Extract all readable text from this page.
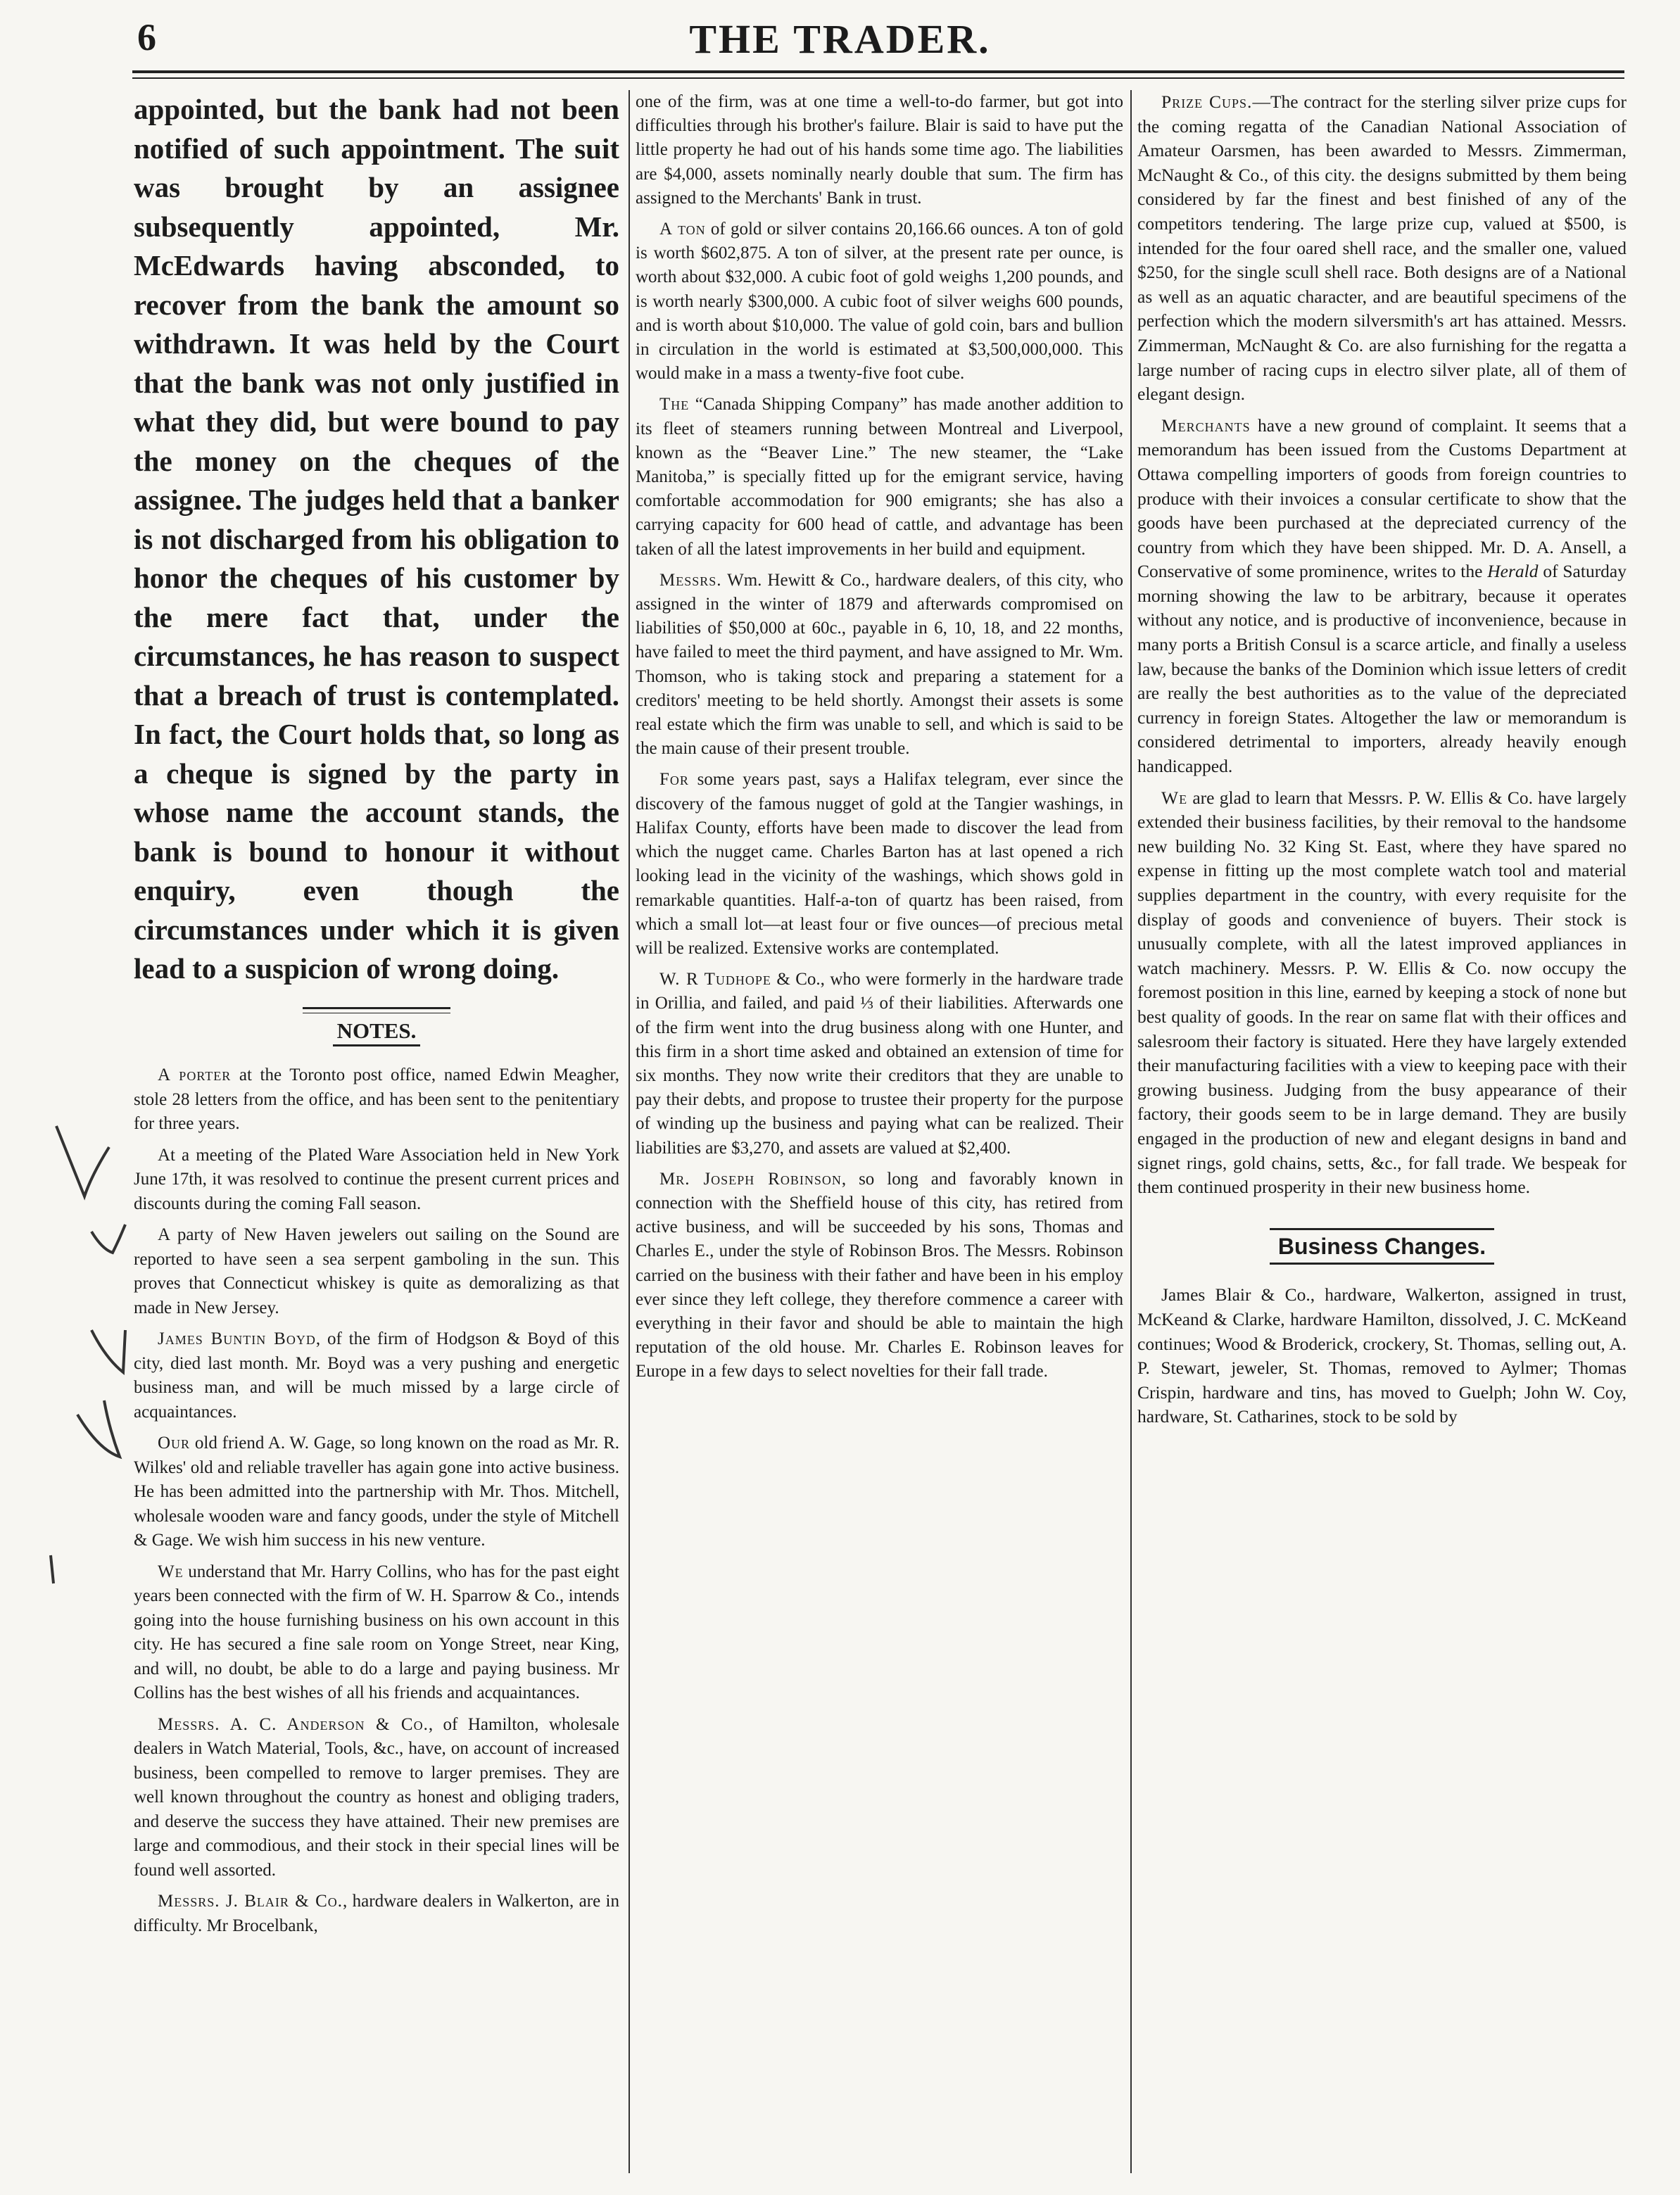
6	THE TRADER.

appointed, but the bank had not been notified of such appointment. The suit was brought by an assignee subsequently appointed, Mr. McEdwards having absconded, to recover from the bank the amount so withdrawn. It was held by the Court that the bank was not only justified in what they did, but were bound to pay the money on the cheques of the assignee. The judges held that a banker is not discharged from his obligation to honor the cheques of his customer by the mere fact that, under the circumstances, he has reason to suspect that a breach of trust is contemplated. In fact, the Court holds that, so long as a cheque is signed by the party in whose name the account stands, the bank is bound to honour it without enquiry, even though the circumstances under which it is given lead to a suspicion of wrong doing.

NOTES.

A porter at the Toronto post office, named Edwin Meagher, stole 28 letters from the office, and has been sent to the penitentiary for three years.

At a meeting of the Plated Ware Association held in New York June 17th, it was resolved to continue the present current prices and discounts during the coming Fall season.

A party of New Haven jewelers out sailing on the Sound are reported to have seen a sea serpent gamboling in the sun. This proves that Connecticut whiskey is quite as demoralizing as that made in New Jersey.

James Buntin Boyd, of the firm of Hodgson & Boyd of this city, died last month. Mr. Boyd was a very pushing and energetic business man, and will be much missed by a large circle of acquaintances.

Our old friend A. W. Gage, so long known on the road as Mr. R. Wilkes' old and reliable traveller has again gone into active business. He has been admitted into the partnership with Mr. Thos. Mitchell, wholesale wooden ware and fancy goods, under the style of Mitchell & Gage. We wish him success in his new venture.

We understand that Mr. Harry Collins, who has for the past eight years been connected with the firm of W. H. Sparrow & Co., intends going into the house furnishing business on his own account in this city. He has secured a fine sale room on Yonge Street, near King, and will, no doubt, be able to do a large and paying business. Mr Collins has the best wishes of all his friends and acquaintances.

Messrs. A. C. Anderson & Co., of Hamilton, wholesale dealers in Watch Material, Tools, &c., have, on account of increased business, been compelled to remove to larger premises. They are well known throughout the country as honest and obliging traders, and deserve the success they have attained. Their new premises are large and commodious, and their stock in their special lines will be found well assorted.

Messrs. J. Blair & Co., hardware dealers in Walkerton, are in difficulty. Mr Brocelbank,

one of the firm, was at one time a well-to-do farmer, but got into difficulties through his brother's failure. Blair is said to have put the little property he had out of his hands some time ago. The liabilities are $4,000, assets nominally nearly double that sum. The firm has assigned to the Merchants' Bank in trust.

A ton of gold or silver contains 20,166.66 ounces. A ton of gold is worth $602,875. A ton of silver, at the present rate per ounce, is worth about $32,000. A cubic foot of gold weighs 1,200 pounds, and is worth nearly $300,000. A cubic foot of silver weighs 600 pounds, and is worth about $10,000. The value of gold coin, bars and bullion in circulation in the world is estimated at $3,500,000,000. This would make in a mass a twenty-five foot cube.

The “Canada Shipping Company” has made another addition to its fleet of steamers running between Montreal and Liverpool, known as the “Beaver Line.” The new steamer, the “Lake Manitoba,” is specially fitted up for the emigrant service, having comfortable accommodation for 900 emigrants; she has also a carrying capacity for 600 head of cattle, and advantage has been taken of all the latest improvements in her build and equipment.

Messrs. Wm. Hewitt & Co., hardware dealers, of this city, who assigned in the winter of 1879 and afterwards compromised on liabilities of $50,000 at 60c., payable in 6, 10, 18, and 22 months, have failed to meet the third payment, and have assigned to Mr. Wm. Thomson, who is taking stock and preparing a statement for a creditors' meeting to be held shortly. Amongst their assets is some real estate which the firm was unable to sell, and which is said to be the main cause of their present trouble.

For some years past, says a Halifax telegram, ever since the discovery of the famous nugget of gold at the Tangier washings, in Halifax County, efforts have been made to discover the lead from which the nugget came. Charles Barton has at last opened a rich looking lead in the vicinity of the washings, which shows gold in remarkable quantities. Half-a-ton of quartz has been raised, from which a small lot—at least four or five ounces—of precious metal will be realized. Extensive works are contemplated.

W. R Tudhope & Co., who were formerly in the hardware trade in Orillia, and failed, and paid ⅓ of their liabilities. Afterwards one of the firm went into the drug business along with one Hunter, and this firm in a short time asked and obtained an extension of time for six months. They now write their creditors that they are unable to pay their debts, and propose to trustee their property for the purpose of winding up the business and paying what can be realized. Their liabilities are $3,270, and assets are valued at $2,400.

Mr. Joseph Robinson, so long and favorably known in connection with the Sheffield house of this city, has retired from active business, and will be succeeded by his sons, Thomas and Charles E., under the style of Robinson Bros. The Messrs. Robinson carried on the business with their father and have been in his employ ever since they left college, they therefore commence a career with everything in their favor and should be able to maintain the high reputation of the old house. Mr. Charles E. Robinson leaves for Europe in a few days to select novelties for their fall trade.

Prize Cups.—The contract for the sterling silver prize cups for the coming regatta of the Canadian National Association of Amateur Oarsmen, has been awarded to Messrs. Zimmerman, McNaught & Co., of this city. the designs submitted by them being considered by far the finest and best finished of any of the competitors tendering. The large prize cup, valued at $500, is intended for the four oared shell race, and the smaller one, valued $250, for the single scull shell race. Both designs are of a National as well as an aquatic character, and are beautiful specimens of the perfection which the modern silversmith's art has attained. Messrs. Zimmerman, McNaught & Co. are also furnishing for the regatta a large number of racing cups in electro silver plate, all of them of elegant design.

Merchants have a new ground of complaint. It seems that a memorandum has been issued from the Customs Department at Ottawa compelling importers of goods from foreign countries to produce with their invoices a consular certificate to show that the goods have been purchased at the depreciated currency of the country from which they have been shipped. Mr. D. A. Ansell, a Conservative of some prominence, writes to the Herald of Saturday morning showing the law to be arbitrary, because it operates without any notice, and is productive of inconvenience, because in many ports a British Consul is a scarce article, and finally a useless law, because the banks of the Dominion which issue letters of credit are really the best authorities as to the value of the depreciated currency in foreign States. Altogether the law or memorandum is considered detrimental to importers, already heavily enough handicapped.

We are glad to learn that Messrs. P. W. Ellis & Co. have largely extended their business facilities, by their removal to the handsome new building No. 32 King St. East, where they have spared no expense in fitting up the most complete watch tool and material supplies department in the country, with every requisite for the display of goods and convenience of buyers. Their stock is unusually complete, with all the latest improved appliances in watch machinery. Messrs. P. W. Ellis & Co. now occupy the foremost position in this line, earned by keeping a stock of none but best quality of goods. In the rear on same flat with their offices and salesroom their factory is situated. Here they have largely extended their manufacturing facilities with a view to keeping pace with their growing business. Judging from the busy appearance of their factory, their goods seem to be in large demand. They are busily engaged in the production of new and elegant designs in band and signet rings, gold chains, setts, &c., for fall trade. We bespeak for them continued prosperity in their new business home.

Business Changes.

James Blair & Co., hardware, Walkerton, assigned in trust, McKeand & Clarke, hardware Hamilton, dissolved, J. C. McKeand continues; Wood & Broderick, crockery, St. Thomas, selling out, A. P. Stewart, jeweler, St. Thomas, removed to Aylmer; Thomas Crispin, hardware and tins, has moved to Guelph; John W. Coy, hardware, St. Catharines, stock to be sold by
